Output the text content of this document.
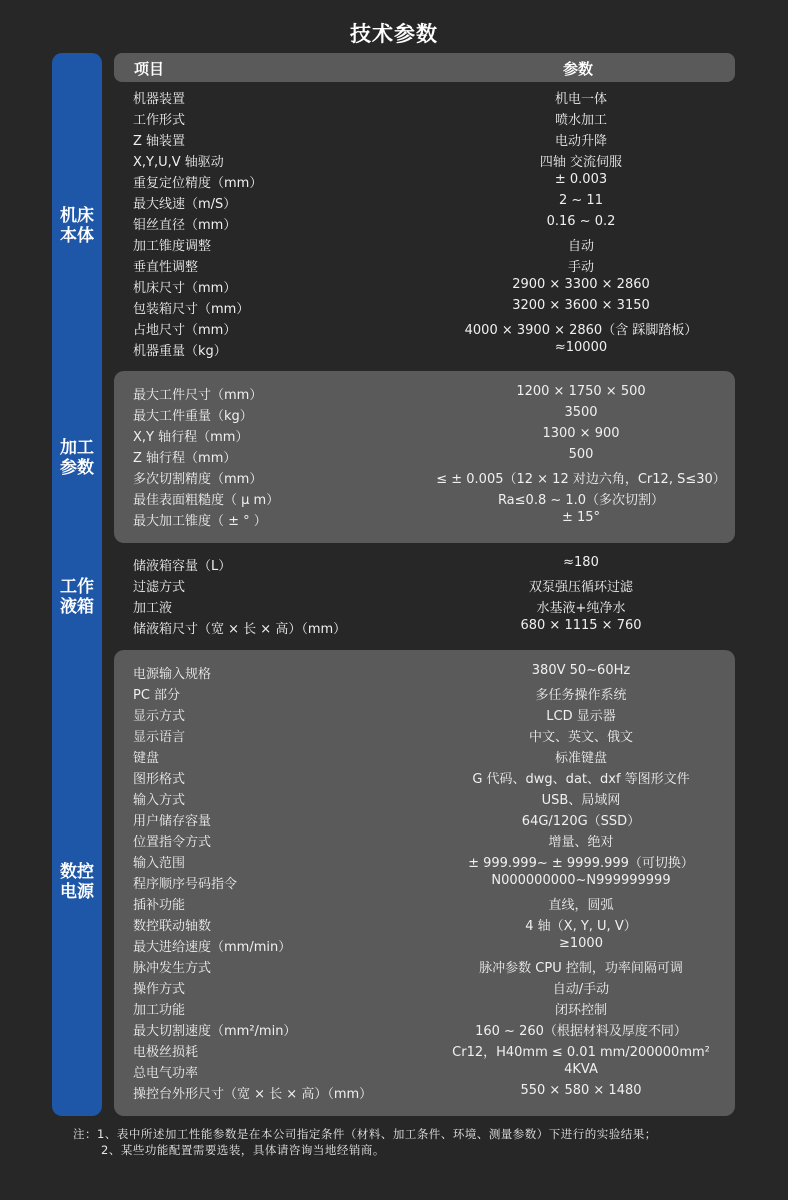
技术参数
项目	参数
机床
本体
加工
参数
工作
液箱
数控
电源
机器装置	机电一体
工作形式	喷水加工
Z 轴装置	电动升降
X,Y,U,V 轴驱动	四轴 交流伺服
重复定位精度（mm）	± 0.003
最大线速（m/S）	2 ~ 11
钼丝直径（mm）	0.16 ~ 0.2
加工锥度调整	自动
垂直性调整	手动
机床尺寸（mm）	2900 × 3300 × 2860
包装箱尺寸（mm）	3200 × 3600 × 3150
占地尺寸（mm）	4000 × 3900 × 2860（含 踩脚踏板）
机器重量（kg）	≈10000
最大工件尺寸（mm）	1200 × 1750 × 500
最大工件重量（kg）	3500
X,Y 轴行程（mm）	1300 × 900
Z 轴行程（mm）	500
多次切割精度（mm）	≤ ± 0.005（12 × 12 对边六角，Cr12, S≤30）
最佳表面粗糙度（ μ m）	Ra≤0.8 ~ 1.0（多次切割）
最大加工锥度（ ± ° ）	± 15°
储液箱容量（L）	≈180
过滤方式	双泵强压循环过滤
加工液	水基液+纯净水
储液箱尺寸（宽 × 长 × 高）（mm）	680 × 1115 × 760
电源输入规格	380V 50~60Hz
PC 部分	多任务操作系统
显示方式	LCD 显示器
显示语言	中文、英文、俄文
键盘	标准键盘
图形格式	G 代码、dwg、dat、dxf 等图形文件
输入方式	USB、局域网
用户储存容量	64G/120G（SSD）
位置指令方式	增量、绝对
输入范围	± 999.999~ ± 9999.999（可切换）
程序顺序号码指令	N000000000~N999999999
插补功能	直线，圆弧
数控联动轴数	4 轴（X, Y, U, V）
最大进给速度（mm/min）	≥1000
脉冲发生方式	脉冲参数 CPU 控制，功率间隔可调
操作方式	自动/手动
加工功能	闭环控制
最大切割速度（mm²/min）	160 ~ 260（根据材料及厚度不同）
电极丝损耗	Cr12，H40mm ≤ 0.01 mm/200000mm²
总电气功率	4KVA
操控台外形尺寸（宽 × 长 × 高）（mm）	550 × 580 × 1480
注：1、表中所述加工性能参数是在本公司指定条件（材料、加工条件、环境、测量参数）下进行的实验结果；
2、某些功能配置需要选装，具体请咨询当地经销商。
